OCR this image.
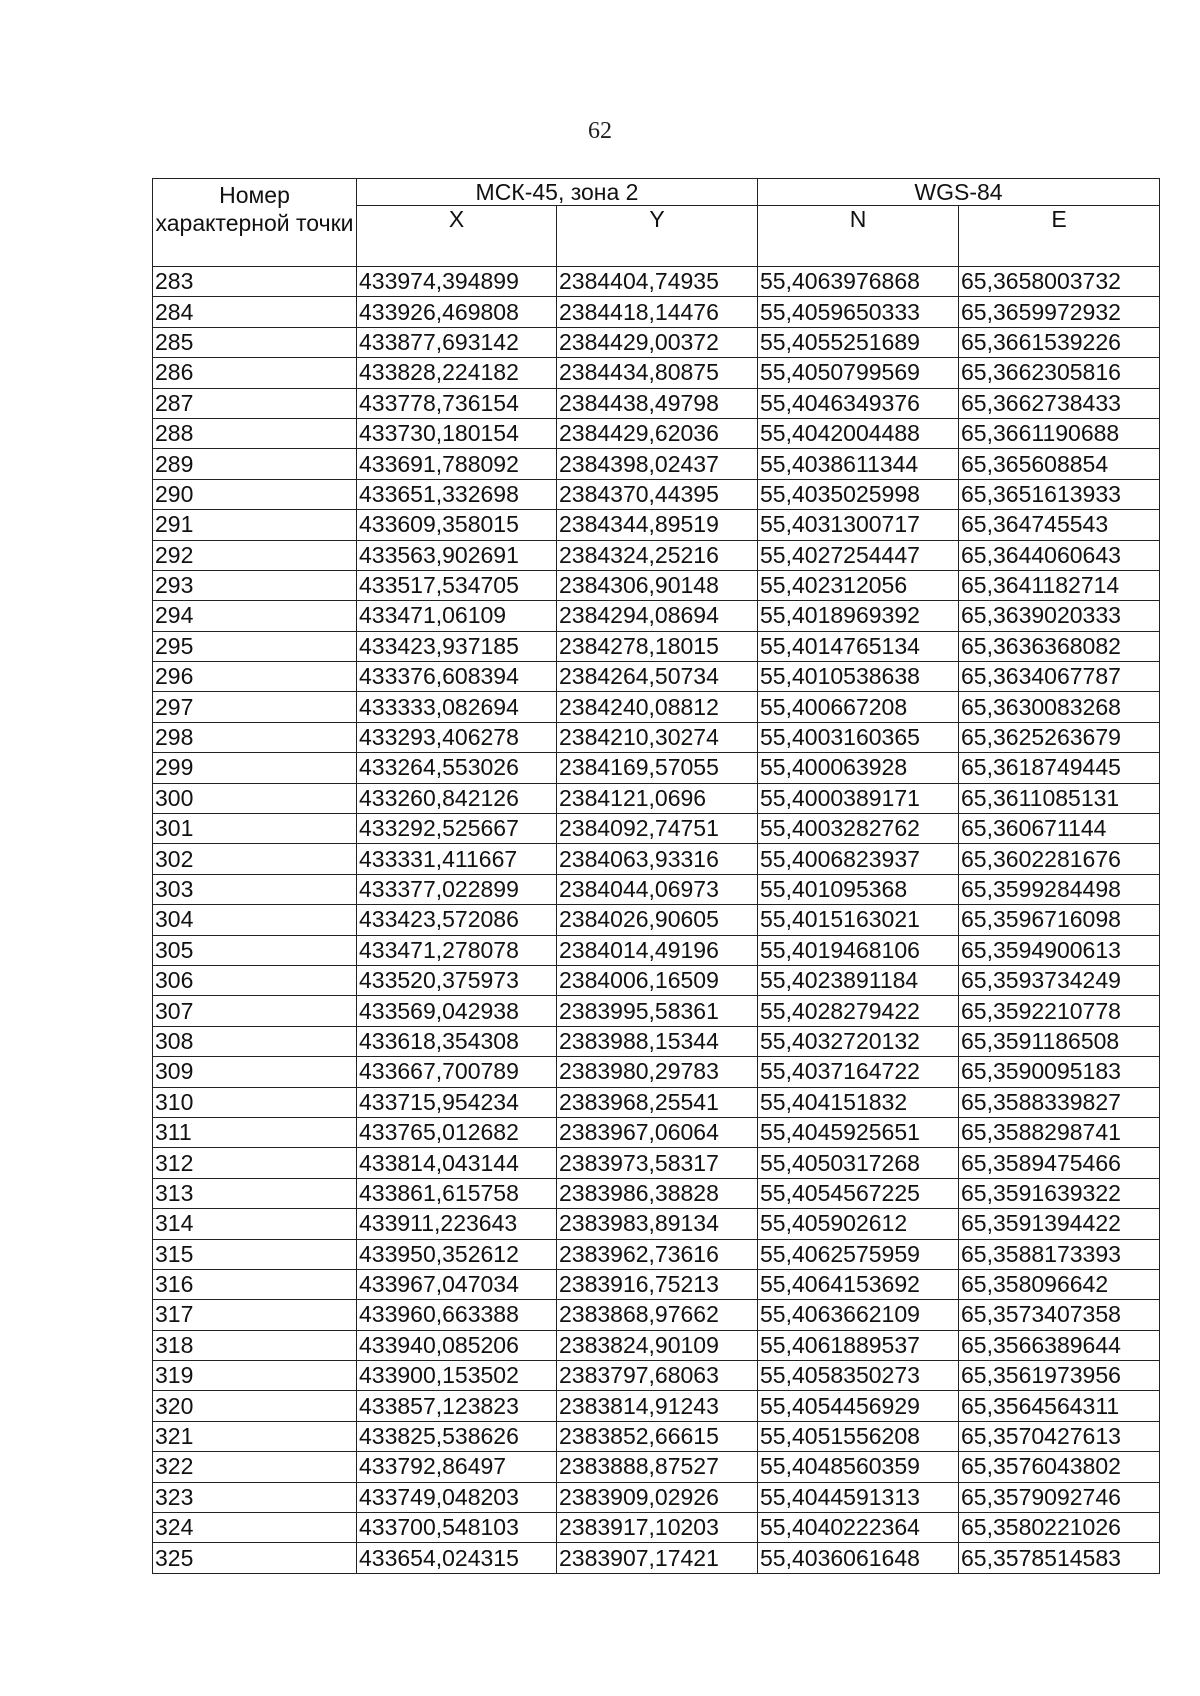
62
Номер характерной точки	МСК-45, зона 2		WGS-84	
	X	Y	N	E
283	433974,394899	2384404,74935	55,4063976868	65,3658003732
284	433926,469808	2384418,14476	55,4059650333	65,3659972932
285	433877,693142	2384429,00372	55,4055251689	65,3661539226
286	433828,224182	2384434,80875	55,4050799569	65,3662305816
287	433778,736154	2384438,49798	55,4046349376	65,3662738433
288	433730,180154	2384429,62036	55,4042004488	65,3661190688
289	433691,788092	2384398,02437	55,4038611344	65,365608854
290	433651,332698	2384370,44395	55,4035025998	65,3651613933
291	433609,358015	2384344,89519	55,4031300717	65,364745543
292	433563,902691	2384324,25216	55,4027254447	65,3644060643
293	433517,534705	2384306,90148	55,402312056	65,3641182714
294	433471,06109	2384294,08694	55,4018969392	65,3639020333
295	433423,937185	2384278,18015	55,4014765134	65,3636368082
296	433376,608394	2384264,50734	55,4010538638	65,3634067787
297	433333,082694	2384240,08812	55,400667208	65,3630083268
298	433293,406278	2384210,30274	55,4003160365	65,3625263679
299	433264,553026	2384169,57055	55,400063928	65,3618749445
300	433260,842126	2384121,0696	55,4000389171	65,3611085131
301	433292,525667	2384092,74751	55,4003282762	65,360671144
302	433331,411667	2384063,93316	55,4006823937	65,3602281676
303	433377,022899	2384044,06973	55,401095368	65,3599284498
304	433423,572086	2384026,90605	55,4015163021	65,3596716098
305	433471,278078	2384014,49196	55,4019468106	65,3594900613
306	433520,375973	2384006,16509	55,4023891184	65,3593734249
307	433569,042938	2383995,58361	55,4028279422	65,3592210778
308	433618,354308	2383988,15344	55,4032720132	65,3591186508
309	433667,700789	2383980,29783	55,4037164722	65,3590095183
310	433715,954234	2383968,25541	55,404151832	65,3588339827
311	433765,012682	2383967,06064	55,4045925651	65,3588298741
312	433814,043144	2383973,58317	55,4050317268	65,3589475466
313	433861,615758	2383986,38828	55,4054567225	65,3591639322
314	433911,223643	2383983,89134	55,405902612	65,3591394422
315	433950,352612	2383962,73616	55,4062575959	65,3588173393
316	433967,047034	2383916,75213	55,4064153692	65,358096642
317	433960,663388	2383868,97662	55,4063662109	65,3573407358
318	433940,085206	2383824,90109	55,4061889537	65,3566389644
319	433900,153502	2383797,68063	55,4058350273	65,3561973956
320	433857,123823	2383814,91243	55,4054456929	65,3564564311
321	433825,538626	2383852,66615	55,4051556208	65,3570427613
322	433792,86497	2383888,87527	55,4048560359	65,3576043802
323	433749,048203	2383909,02926	55,4044591313	65,3579092746
324	433700,548103	2383917,10203	55,4040222364	65,3580221026
325	433654,024315	2383907,17421	55,4036061648	65,3578514583
